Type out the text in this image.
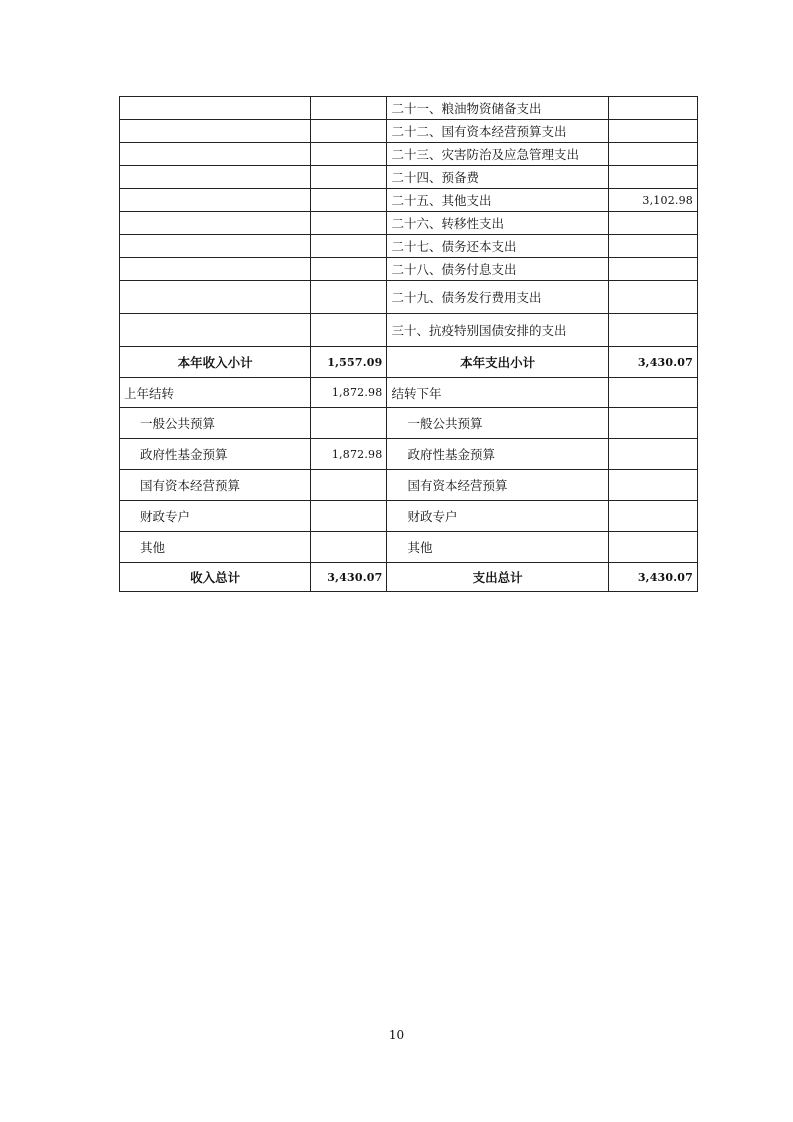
		二十一、粮油物资储备支出	
		二十二、国有资本经营预算支出	
		二十三、灾害防治及应急管理支出	
		二十四、预备费	
		二十五、其他支出	3,102.98
		二十六、转移性支出	
		二十七、债务还本支出	
		二十八、债务付息支出	
		二十九、债务发行费用支出	
		三十、抗疫特别国债安排的支出	
本年收入小计	1,557.09	本年支出小计	3,430.07
上年结转	1,872.98	结转下年	
一般公共预算		一般公共预算	
政府性基金预算	1,872.98	政府性基金预算	
国有资本经营预算		国有资本经营预算	
财政专户		财政专户	
其他		其他	
收入总计	3,430.07	支出总计	3,430.07
10
